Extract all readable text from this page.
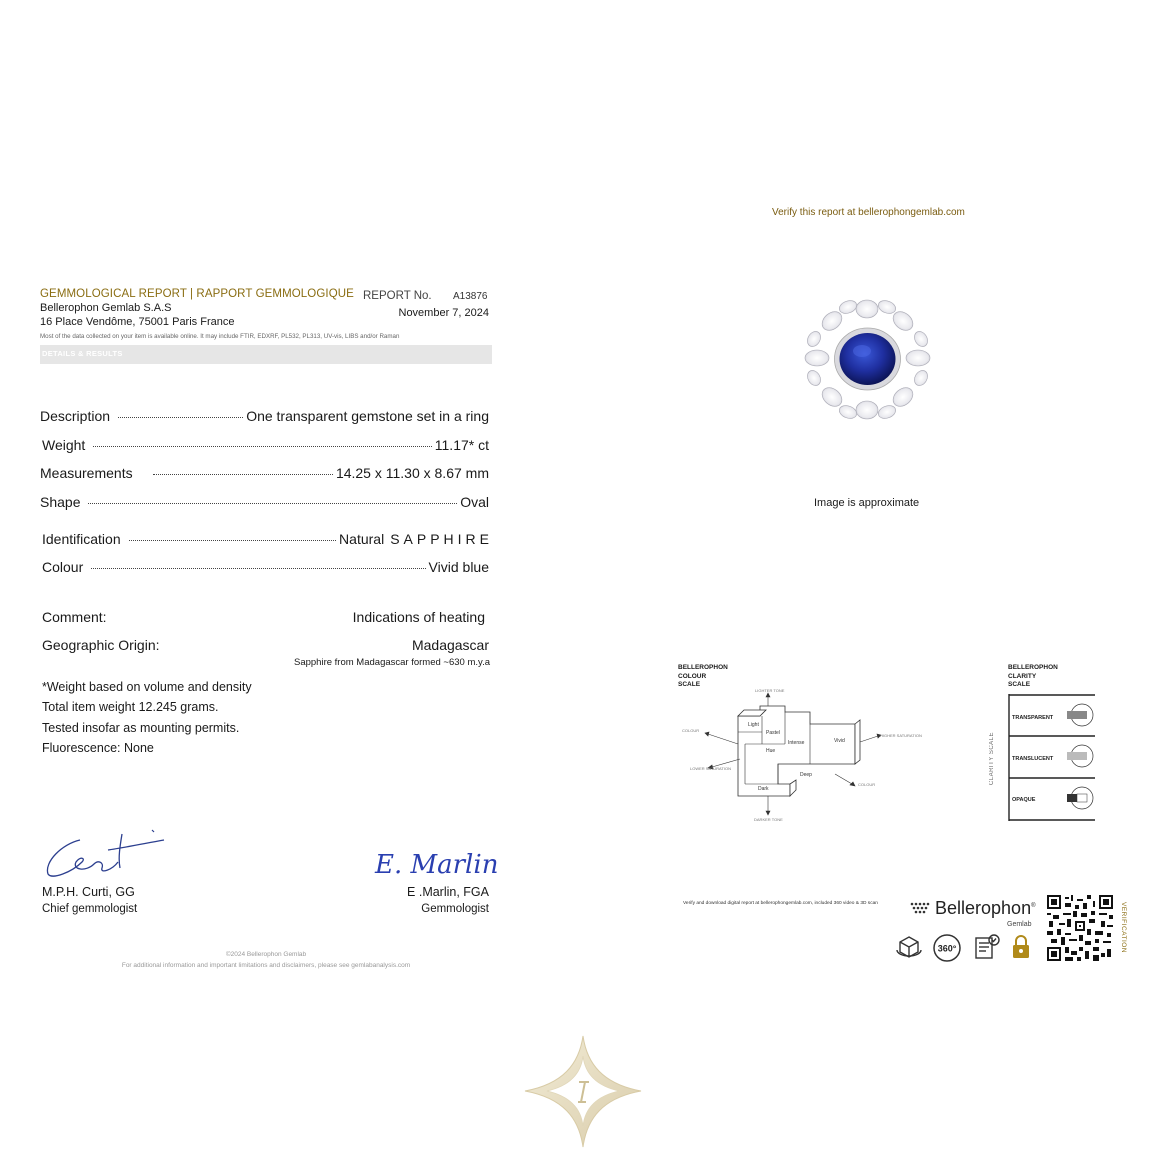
GEMMOLOGICAL REPORT | RAPPORT GEMMOLOGIQUE
Bellerophon Gemlab S.A.S
16 Place Vendôme, 75001 Paris France
Most of the data collected on your item is available online. It may include FTIR, EDXRF, PL532, PL313, UV-vis, LIBS and/or Raman
REPORT No. A13876
November 7, 2024
DETAILS & RESULTS
Description	One transparent gemstone set in a ring
Weight	11.17* ct
Measurements	14.25 x 11.30 x 8.67 mm
Shape	Oval
Identification	Natural SAPPHIRE
Colour	Vivid blue
Comment:	Indications of heating
Geographic Origin:	Madagascar
Sapphire from Madagascar formed ~630 m.y.a
*Weight based on volume and density
Total item weight 12.245 grams.
Tested insofar as mounting permits.
Fluorescence: None
E. Marlin
M.P.H. Curti, GG
Chief gemmologist
E .Marlin, FGA
Gemmologist
©2024 Bellerophon Gemlab
For additional information and important limitations and disclaimers, please see gemlabanalysis.com
Verify this report at bellerophongemlab.com
Image is approximate
BELLEROPHON
COLOUR
SCALE
Light
Pastel
Hue
Intense	Vivid
Deep
Dark
LIGHTER TONE
DARKER TONE
COLOUR
COLOUR
HIGHER SATURATION
LOWER SATURATION
BELLEROPHON
CLARITY
SCALE
CLARITY SCALE
TRANSPARENT
TRANSLUCENT
OPAQUE
Verify and download digital report at bellerophongemlab.com, included 360 video & 3D scan	Bellerophon®
Gemlab
360°	VERIFICATION
